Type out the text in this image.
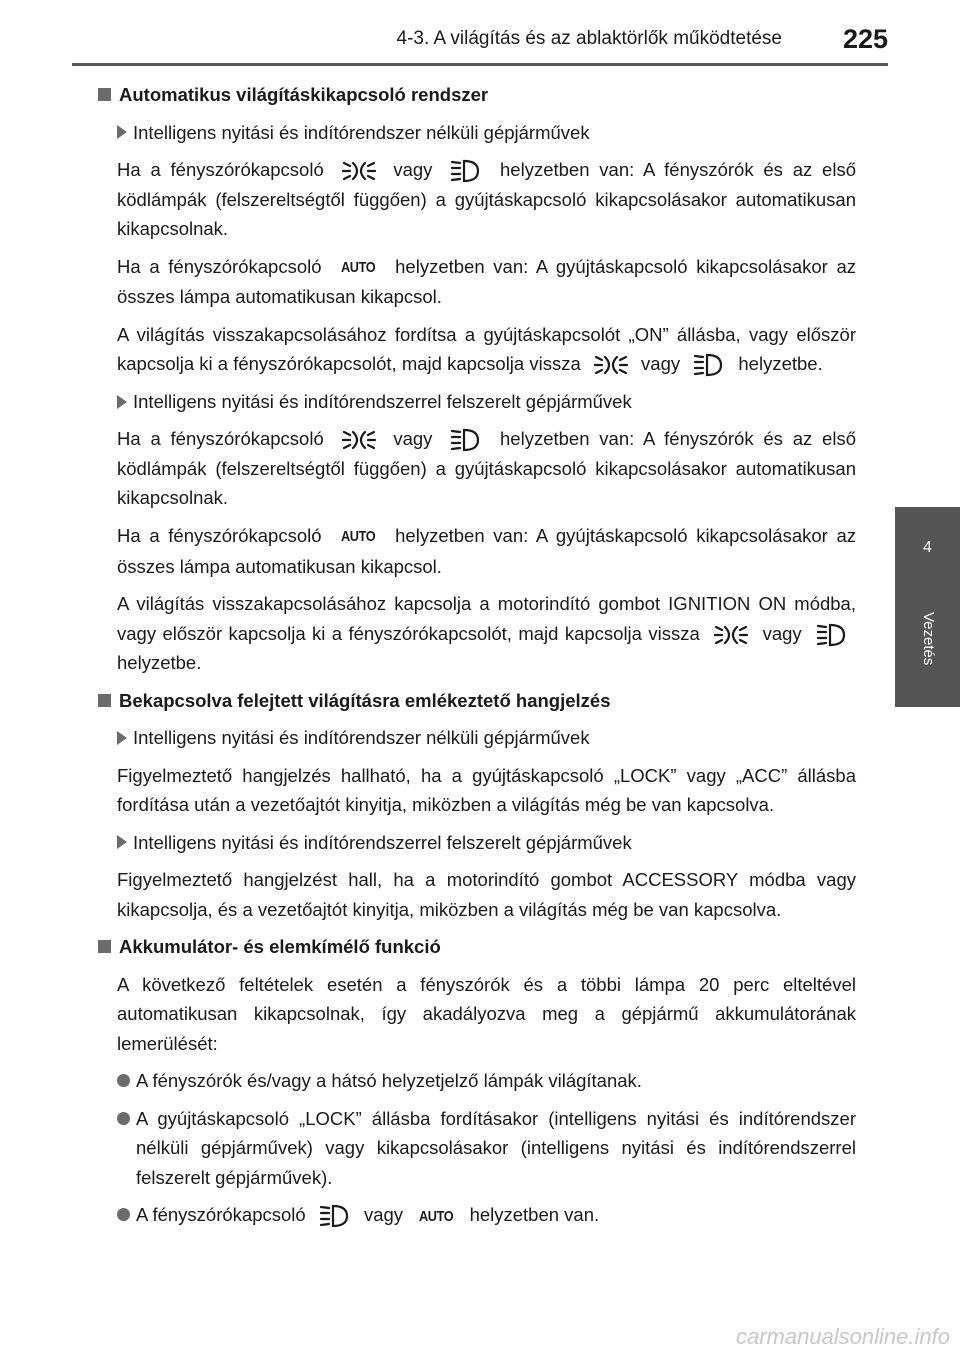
4-3. A világítás és az ablaktörlők működtetése 225
4
Vezetés
Automatikus világításkikapcsoló rendszer
Intelligens nyitási és indítórendszer nélküli gépjárművek
Ha a fényszórókapcsoló	vagy	helyzetben van: A fényszórók és az első ködlámpák (felszereltségtől függően) a gyújtáskapcsoló kikapcsolásakor automatikusan kikapcsolnak.
Ha a fényszórókapcsoló AUTO helyzetben van: A gyújtáskapcsoló kikapcsolásakor az összes lámpa automatikusan kikapcsol.
A világítás visszakapcsolásához fordítsa a gyújtáskapcsolót „ON” állásba, vagy először kapcsolja ki a fényszórókapcsolót, majd kapcsolja vissza	vagy	helyzetbe.
Intelligens nyitási és indítórendszerrel felszerelt gépjárművek
Ha a fényszórókapcsoló	vagy	helyzetben van: A fényszórók és az első ködlámpák (felszereltségtől függően) a gyújtáskapcsoló kikapcsolásakor automatikusan kikapcsolnak.
Ha a fényszórókapcsoló AUTO helyzetben van: A gyújtáskapcsoló kikapcsolásakor az összes lámpa automatikusan kikapcsol.
A világítás visszakapcsolásához kapcsolja a motorindító gombot IGNITION ON módba, vagy először kapcsolja ki a fényszórókapcsolót, majd kapcsolja vissza	vagy  helyzetbe.
Bekapcsolva felejtett világításra emlékeztető hangjelzés
Intelligens nyitási és indítórendszer nélküli gépjárművek
Figyelmeztető hangjelzés hallható, ha a gyújtáskapcsoló „LOCK” vagy „ACC” állásba fordítása után a vezetőajtót kinyitja, miközben a világítás még be van kapcsolva.
Intelligens nyitási és indítórendszerrel felszerelt gépjárművek
Figyelmeztető hangjelzést hall, ha a motorindító gombot ACCESSORY módba vagy kikapcsolja, és a vezetőajtót kinyitja, miközben a világítás még be van kapcsolva.
Akkumulátor- és elemkímélő funkció
A következő feltételek esetén a fényszórók és a többi lámpa 20 perc elteltével automatikusan kikapcsolnak, így akadályozva meg a gépjármű akkumulátorának lemerülését:
A fényszórók és/vagy a hátsó helyzetjelző lámpák világítanak.
A gyújtáskapcsoló „LOCK” állásba fordításakor (intelligens nyitási és indítórendszer nélküli gépjárművek) vagy kikapcsolásakor (intelligens nyitási és indítórendszerrel felszerelt gépjárművek).
A fényszórókapcsoló	vagy AUTO helyzetben van.
carmanualsonline.info
